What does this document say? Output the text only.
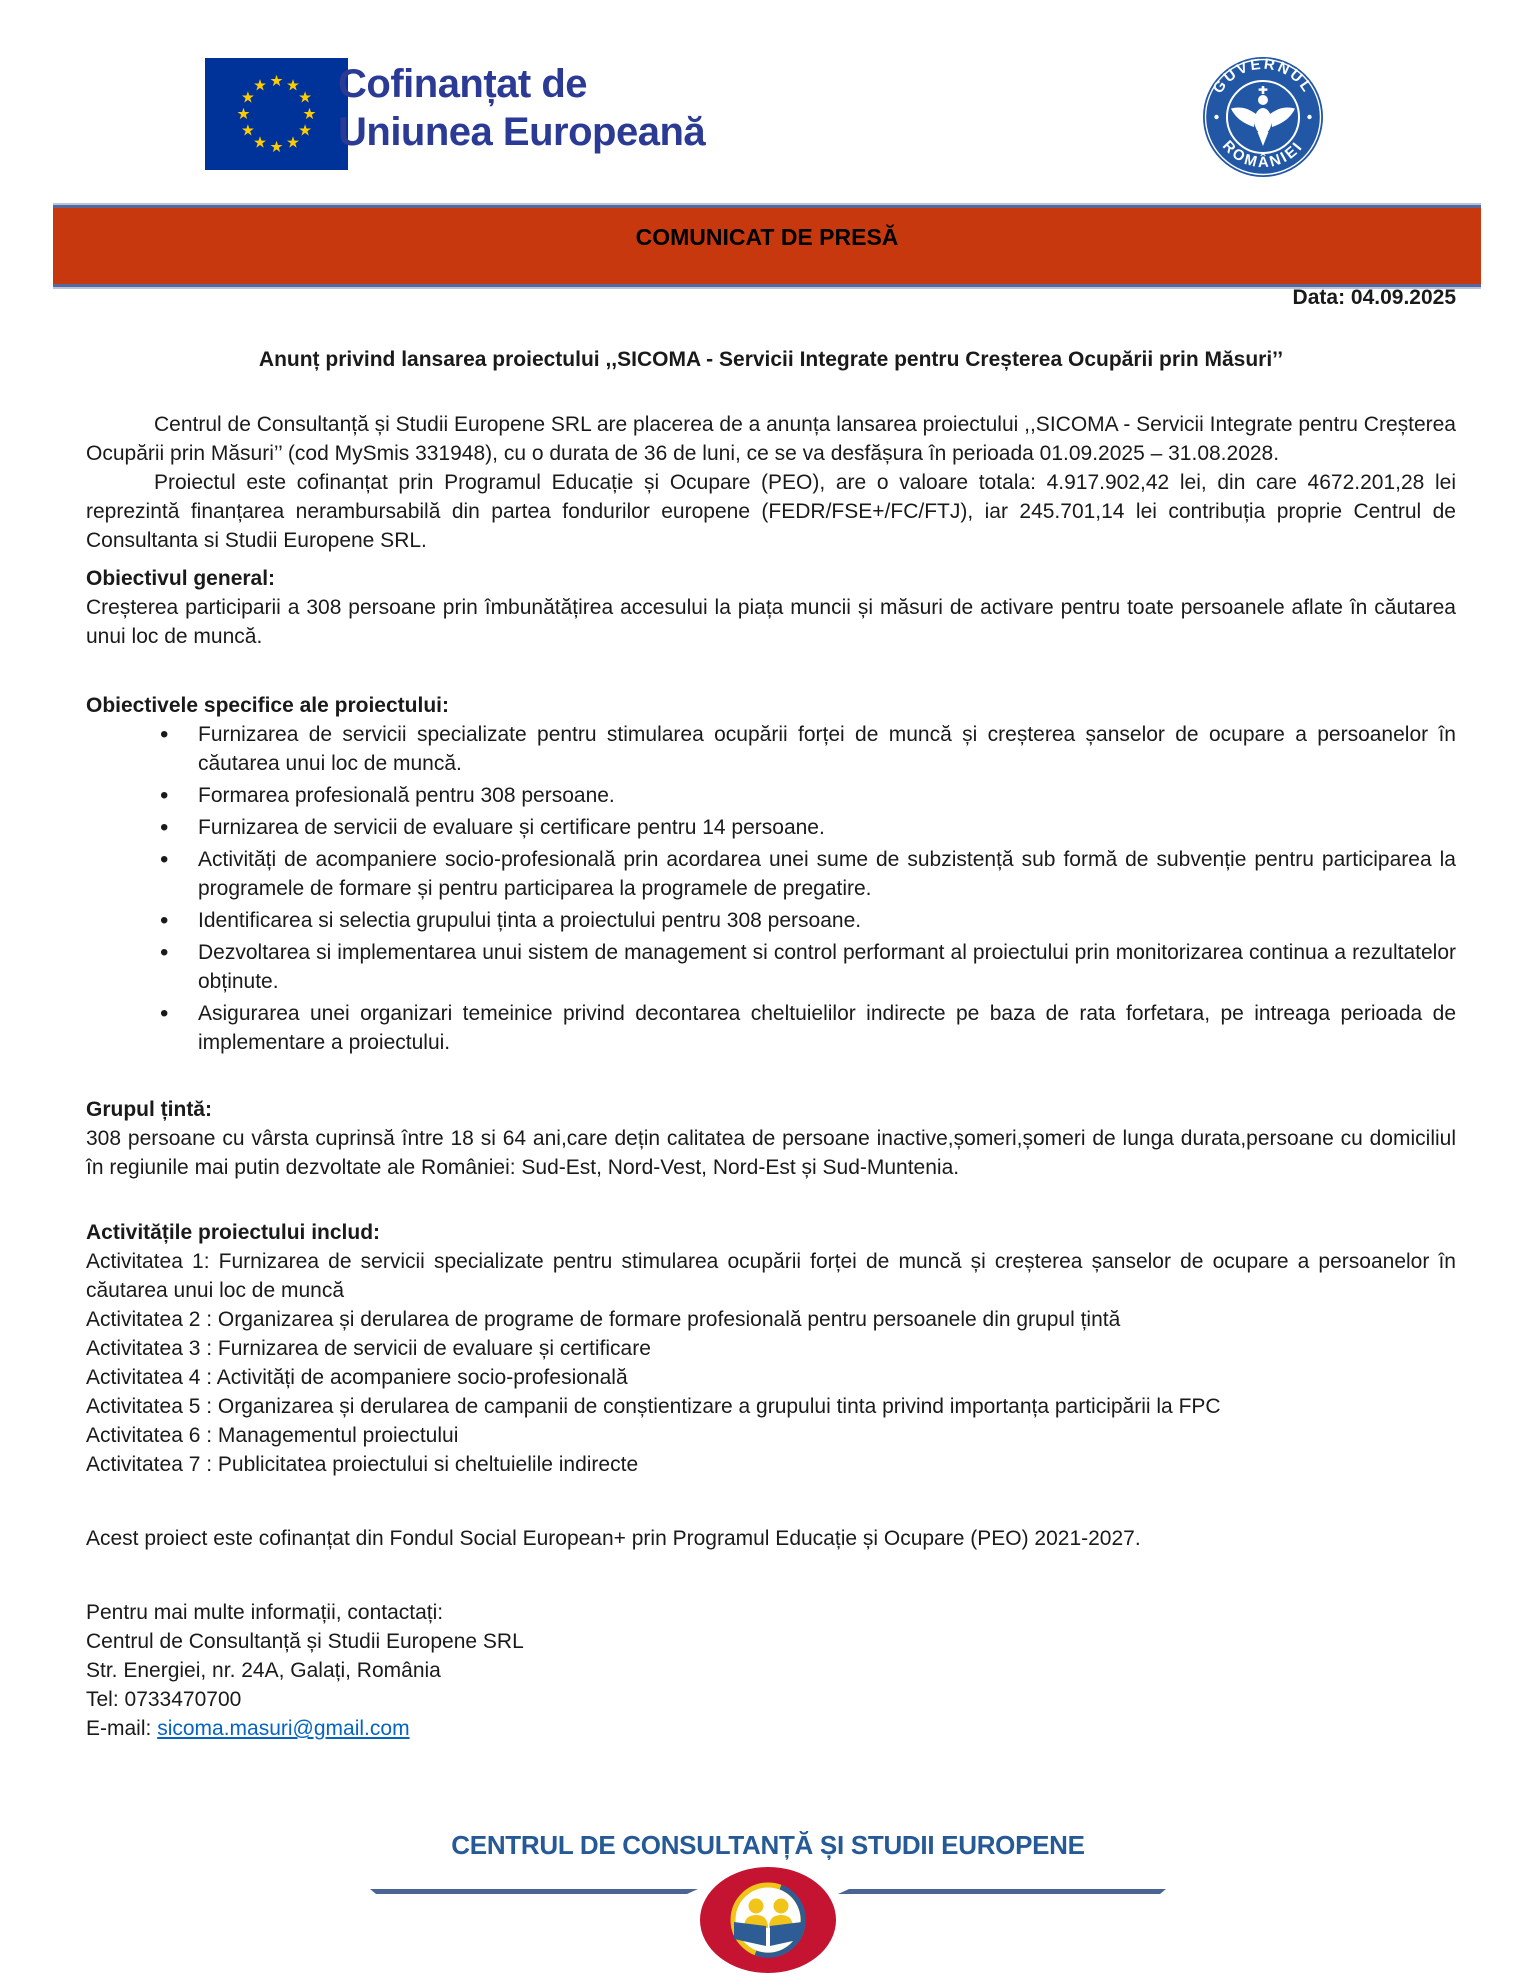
Cofinanțat de
Uniunea Europeană
GUVERNUL
ROMÂNIEI
COMUNICAT DE PRESĂ
Data: 04.09.2025
Anunț privind lansarea proiectului ,,SICOMA - Servicii Integrate pentru Creșterea Ocupării prin Măsuri’’

Centrul de Consultanță și Studii Europene SRL are placerea de a anunța lansarea proiectului ,,SICOMA - Servicii Integrate pentru Creșterea Ocupării prin Măsuri’’ (cod MySmis 331948), cu o durata de 36 de luni, ce se va desfășura în perioada 01.09.2025 – 31.08.2028.

Proiectul este cofinanțat prin Programul Educație și Ocupare (PEO), are o valoare totala: 4.917.902,42 lei, din care 4672.201,28 lei reprezintă finanțarea nerambursabilă din partea fondurilor europene (FEDR/FSE+/FC/FTJ), iar 245.701,14 lei contribuția proprie Centrul de Consultanta si Studii Europene SRL.

Obiectivul general:
Creșterea participarii a 308 persoane prin îmbunătățirea accesului la piața muncii și măsuri de activare pentru toate persoanele aflate în căutarea unui loc de muncă.
Obiectivele specifice ale proiectului:
• Furnizarea de servicii specializate pentru stimularea ocupării forței de muncă și creșterea șanselor de ocupare a persoanelor în căutarea unui loc de muncă.
• Formarea profesională pentru 308 persoane.
• Furnizarea de servicii de evaluare și certificare pentru 14 persoane.
• Activități de acompaniere socio-profesională prin acordarea unei sume de subzistență sub formă de subvenție pentru participarea la programele de formare și pentru participarea la programele de pregatire.
• Identificarea si selectia grupului ținta a proiectului pentru 308 persoane.
• Dezvoltarea si implementarea unui sistem de management si control performant al proiectului prin monitorizarea continua a rezultatelor obținute.
• Asigurarea unei organizari temeinice privind decontarea cheltuielilor indirecte pe baza de rata forfetara, pe intreaga perioada de implementare a proiectului.
Grupul țintă:
308 persoane cu vârsta cuprinsă între 18 si 64 ani,care dețin calitatea de persoane inactive,șomeri,șomeri de lunga durata,persoane cu domiciliul în regiunile mai putin dezvoltate ale României: Sud-Est, Nord-Vest, Nord-Est și Sud-Muntenia.
Activitățile proiectului includ:
Activitatea 1: Furnizarea de servicii specializate pentru stimularea ocupării forței de muncă și creșterea șanselor de ocupare a persoanelor în căutarea unui loc de muncă
Activitatea 2 : Organizarea și derularea de programe de formare profesională pentru persoanele din grupul țintă
Activitatea 3 : Furnizarea de servicii de evaluare și certificare
Activitatea 4 : Activități de acompaniere socio-profesională
Activitatea 5 : Organizarea și derularea de campanii de conștientizare a grupului tinta privind importanța participării la FPC
Activitatea 6 : Managementul proiectului
Activitatea 7 : Publicitatea proiectului si cheltuielile indirecte
Acest proiect este cofinanțat din Fondul Social European+ prin Programul Educație și Ocupare (PEO) 2021-2027.
Pentru mai multe informații, contactați:
Centrul de Consultanță și Studii Europene SRL
Str. Energiei, nr. 24A, Galați, România
Tel: 0733470700
E-mail: sicoma.masuri@gmail.com
CENTRUL DE CONSULTANȚĂ ȘI STUDII EUROPENE
